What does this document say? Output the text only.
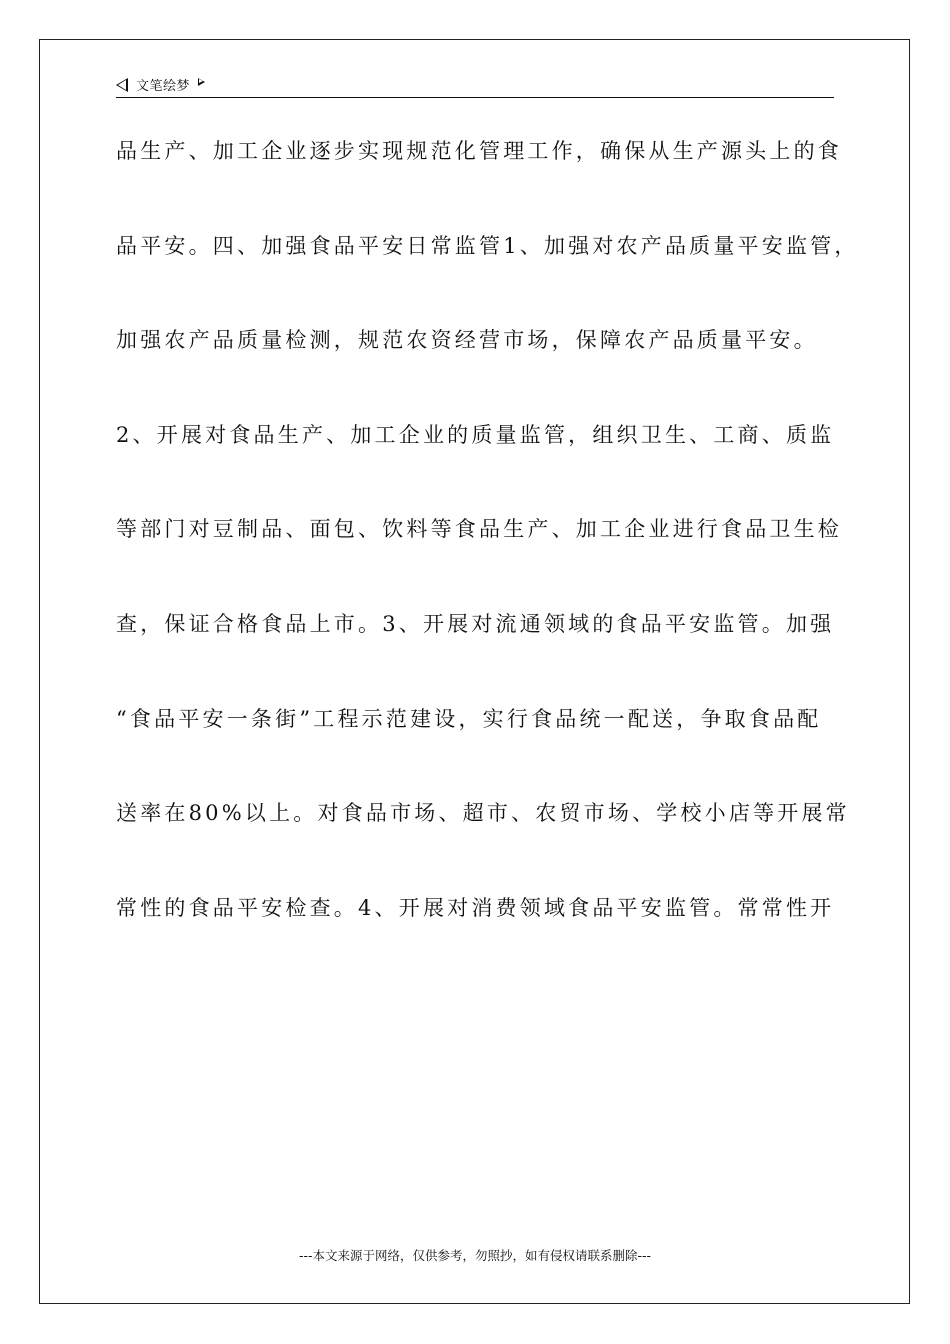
文笔绘梦
品生产、加工企业逐步实现规范化管理工作，确保从生产源头上的食
品平安。四、加强食品平安日常监管1、加强对农产品质量平安监管，
加强农产品质量检测，规范农资经营市场，保障农产品质量平安。
2、开展对食品生产、加工企业的质量监管，组织卫生、工商、质监
等部门对豆制品、面包、饮料等食品生产、加工企业进行食品卫生检
查，保证合格食品上市。3、开展对流通领域的食品平安监管。加强
“食品平安一条街”工程示范建设，实行食品统一配送，争取食品配
送率在80%以上。对食品市场、超市、农贸市场、学校小店等开展常
常性的食品平安检查。4、开展对消费领域食品平安监管。常常性开
---本文来源于网络，仅供参考，勿照抄，如有侵权请联系删除---
